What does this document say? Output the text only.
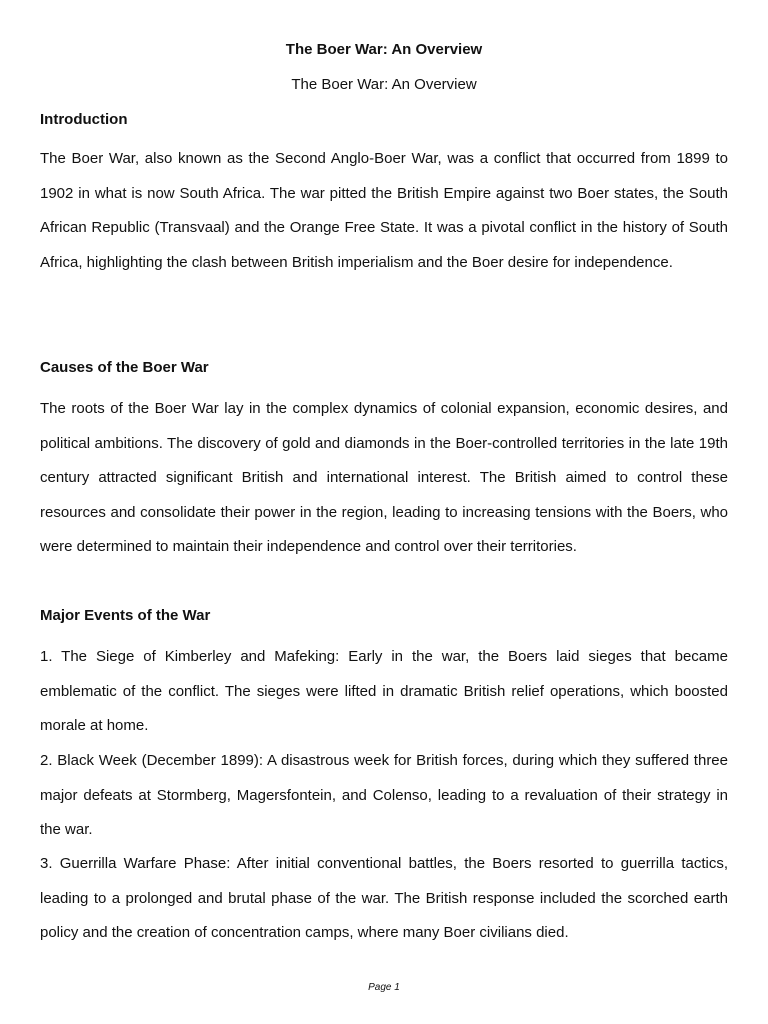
The Boer War: An Overview
The Boer War: An Overview
Introduction

The Boer War, also known as the Second Anglo-Boer War, was a conflict that occurred from 1899 to 1902 in what is now South Africa. The war pitted the British Empire against two Boer states, the South African Republic (Transvaal) and the Orange Free State. It was a pivotal conflict in the history of South Africa, highlighting the clash between British imperialism and the Boer desire for independence.

Causes of the Boer War

The roots of the Boer War lay in the complex dynamics of colonial expansion, economic desires, and political ambitions. The discovery of gold and diamonds in the Boer-controlled territories in the late 19th century attracted significant British and international interest. The British aimed to control these resources and consolidate their power in the region, leading to increasing tensions with the Boers, who were determined to maintain their independence and control over their territories.

Major Events of the War

1. The Siege of Kimberley and Mafeking: Early in the war, the Boers laid sieges that became emblematic of the conflict. The sieges were lifted in dramatic British relief operations, which boosted morale at home.

2. Black Week (December 1899): A disastrous week for British forces, during which they suffered three major defeats at Stormberg, Magersfontein, and Colenso, leading to a revaluation of their strategy in the war.

3. Guerrilla Warfare Phase: After initial conventional battles, the Boers resorted to guerrilla tactics, leading to a prolonged and brutal phase of the war. The British response included the scorched earth policy and the creation of concentration camps, where many Boer civilians died.

Page 1
